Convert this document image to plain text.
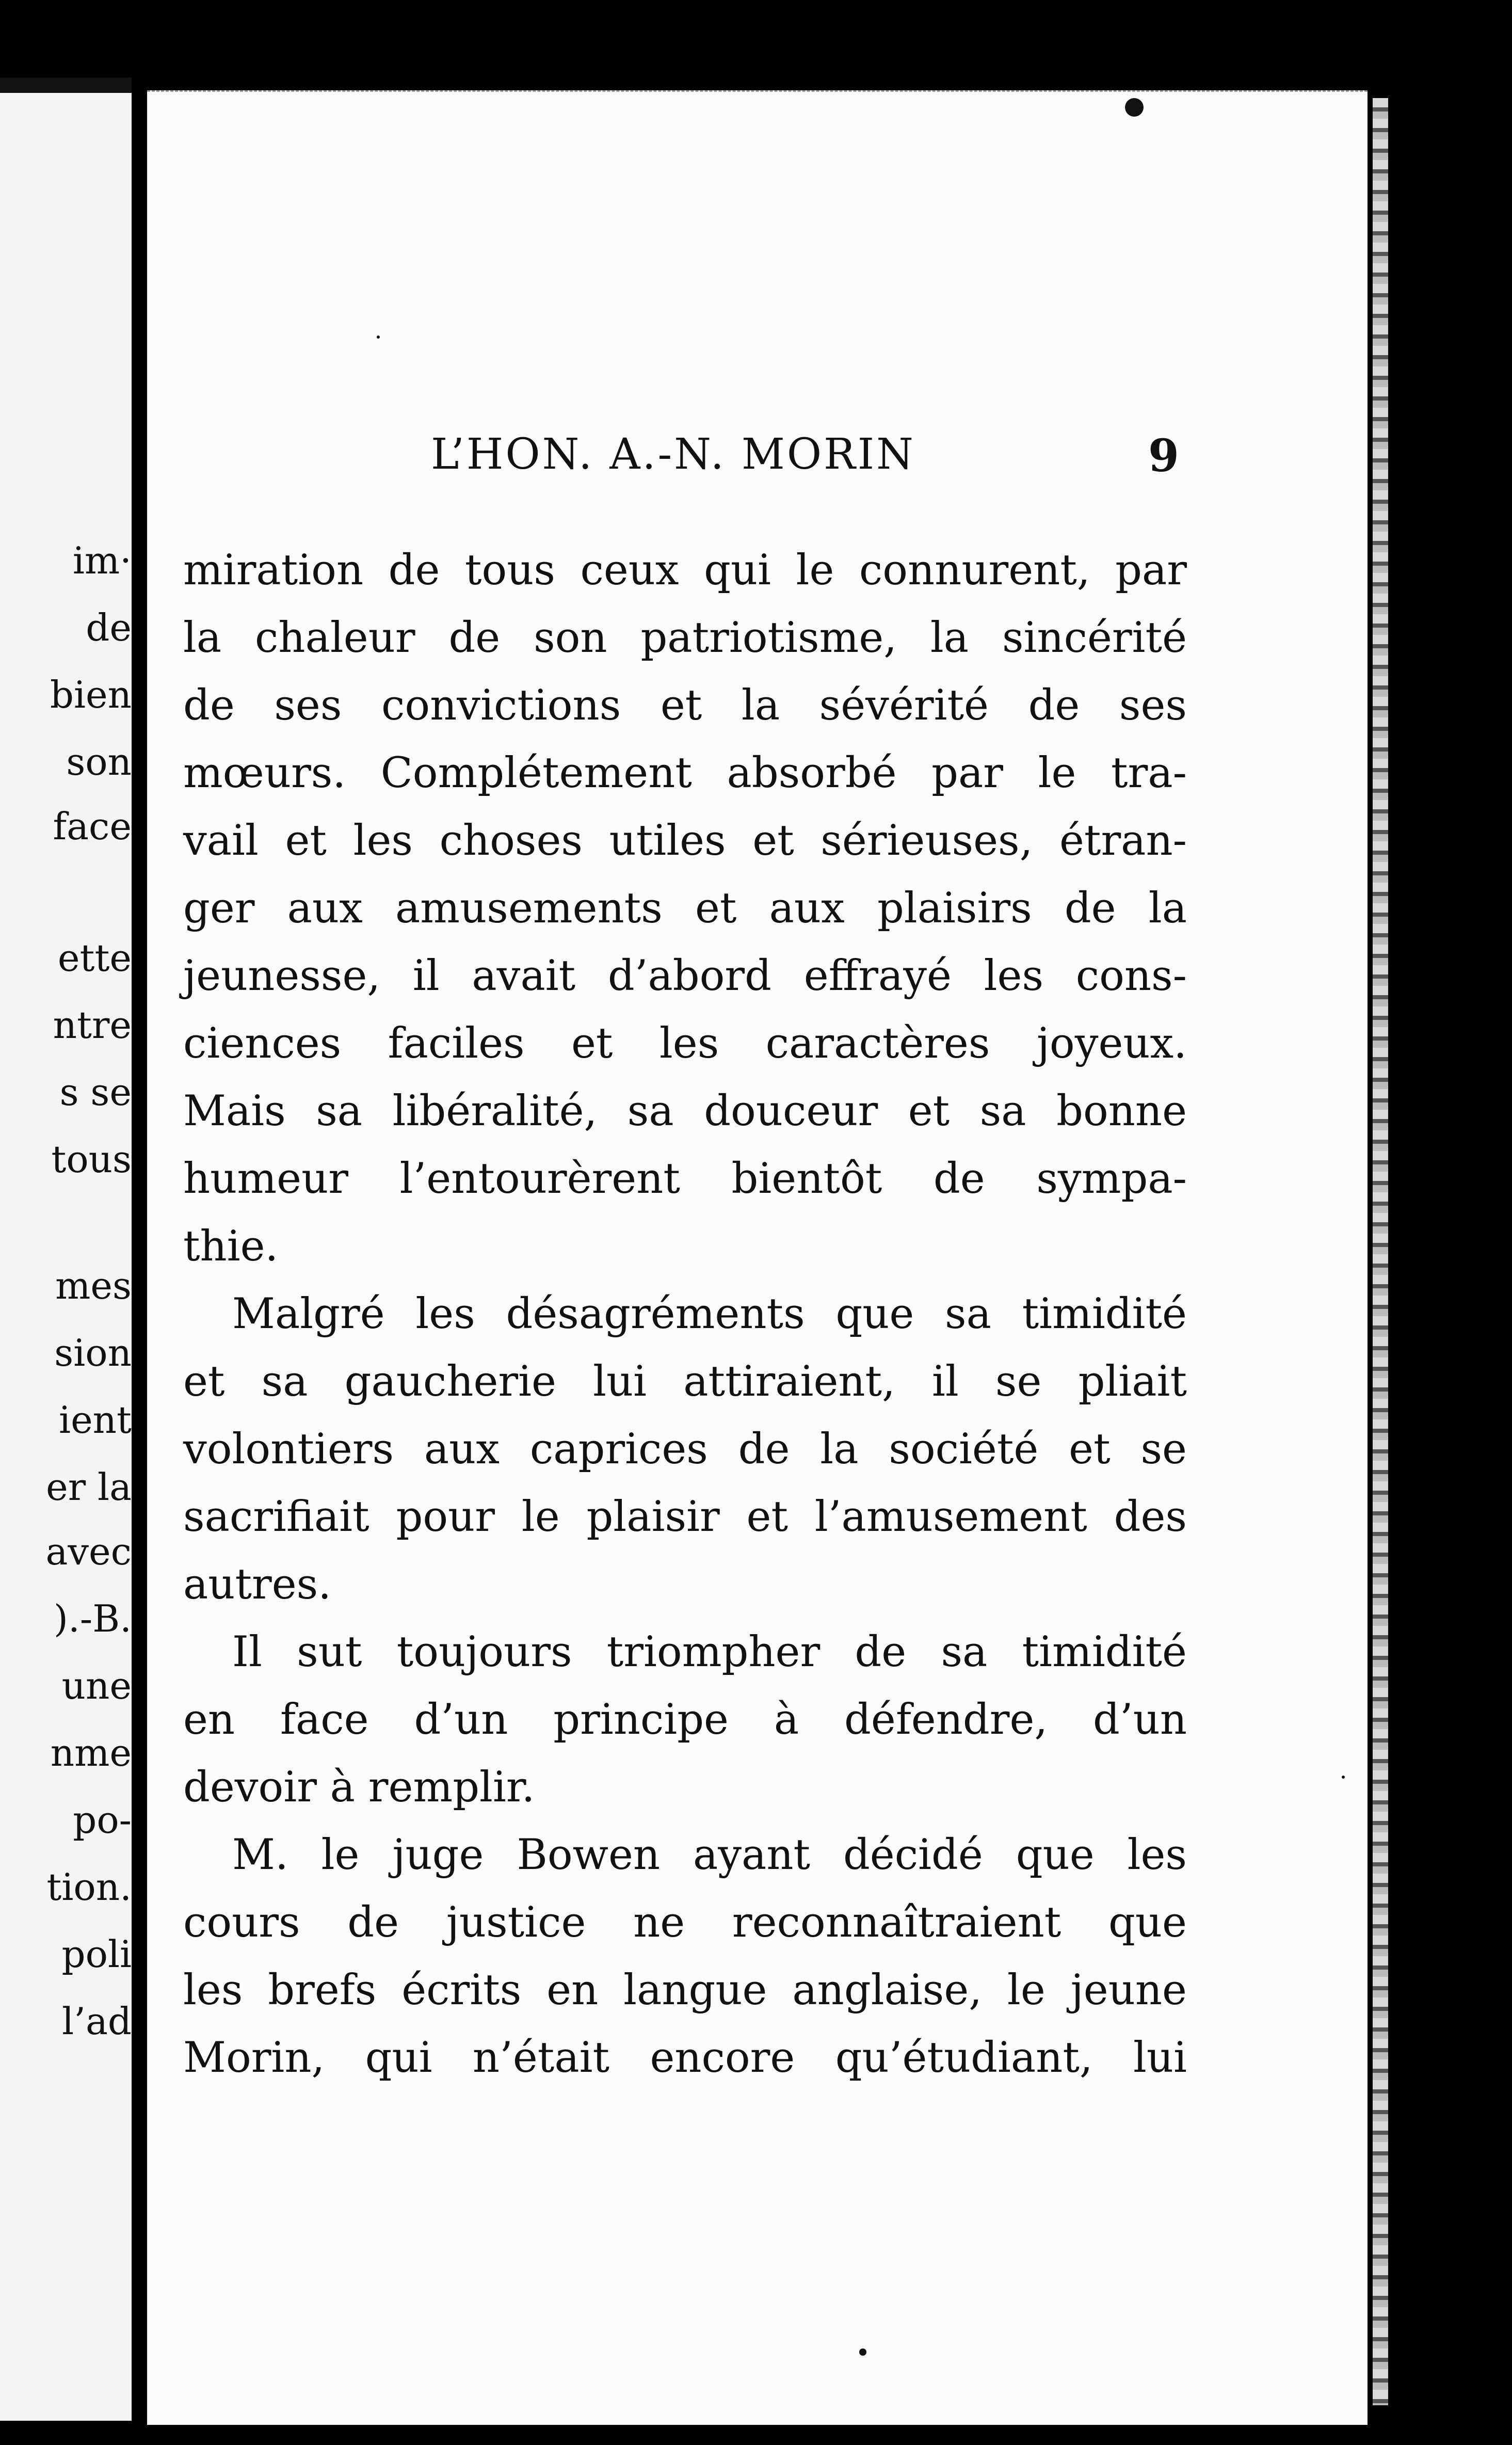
im·
de
bien
son
face
ette
ntre
s se
tous
mes
sion
ient
er la
avec
).-B.
une
nme
po-
tion.
poli
l’ad
L’HON. A.-N. MORIN	9
miration de tous ceux qui le connurent, par
la chaleur de son patriotisme, la sincérité
de ses convictions et la sévérité de ses
mœurs. Complétement absorbé par le tra-
vail et les choses utiles et sérieuses, étran-
ger aux amusements et aux plaisirs de la
jeunesse, il avait d’abord effrayé les cons-
ciences faciles et les caractères joyeux.
Mais sa libéralité, sa douceur et sa bonne
humeur l’entourèrent bientôt de sympa-
thie.
Malgré les désagréments que sa timidité
et sa gaucherie lui attiraient, il se pliait
volontiers aux caprices de la société et se
sacrifiait pour le plaisir et l’amusement des
autres.
Il sut toujours triompher de sa timidité
en face d’un principe à défendre, d’un
devoir à remplir.
M. le juge Bowen ayant décidé que les
cours de justice ne reconnaîtraient que
les brefs écrits en langue anglaise, le jeune
Morin, qui n’était encore qu’étudiant, lui
